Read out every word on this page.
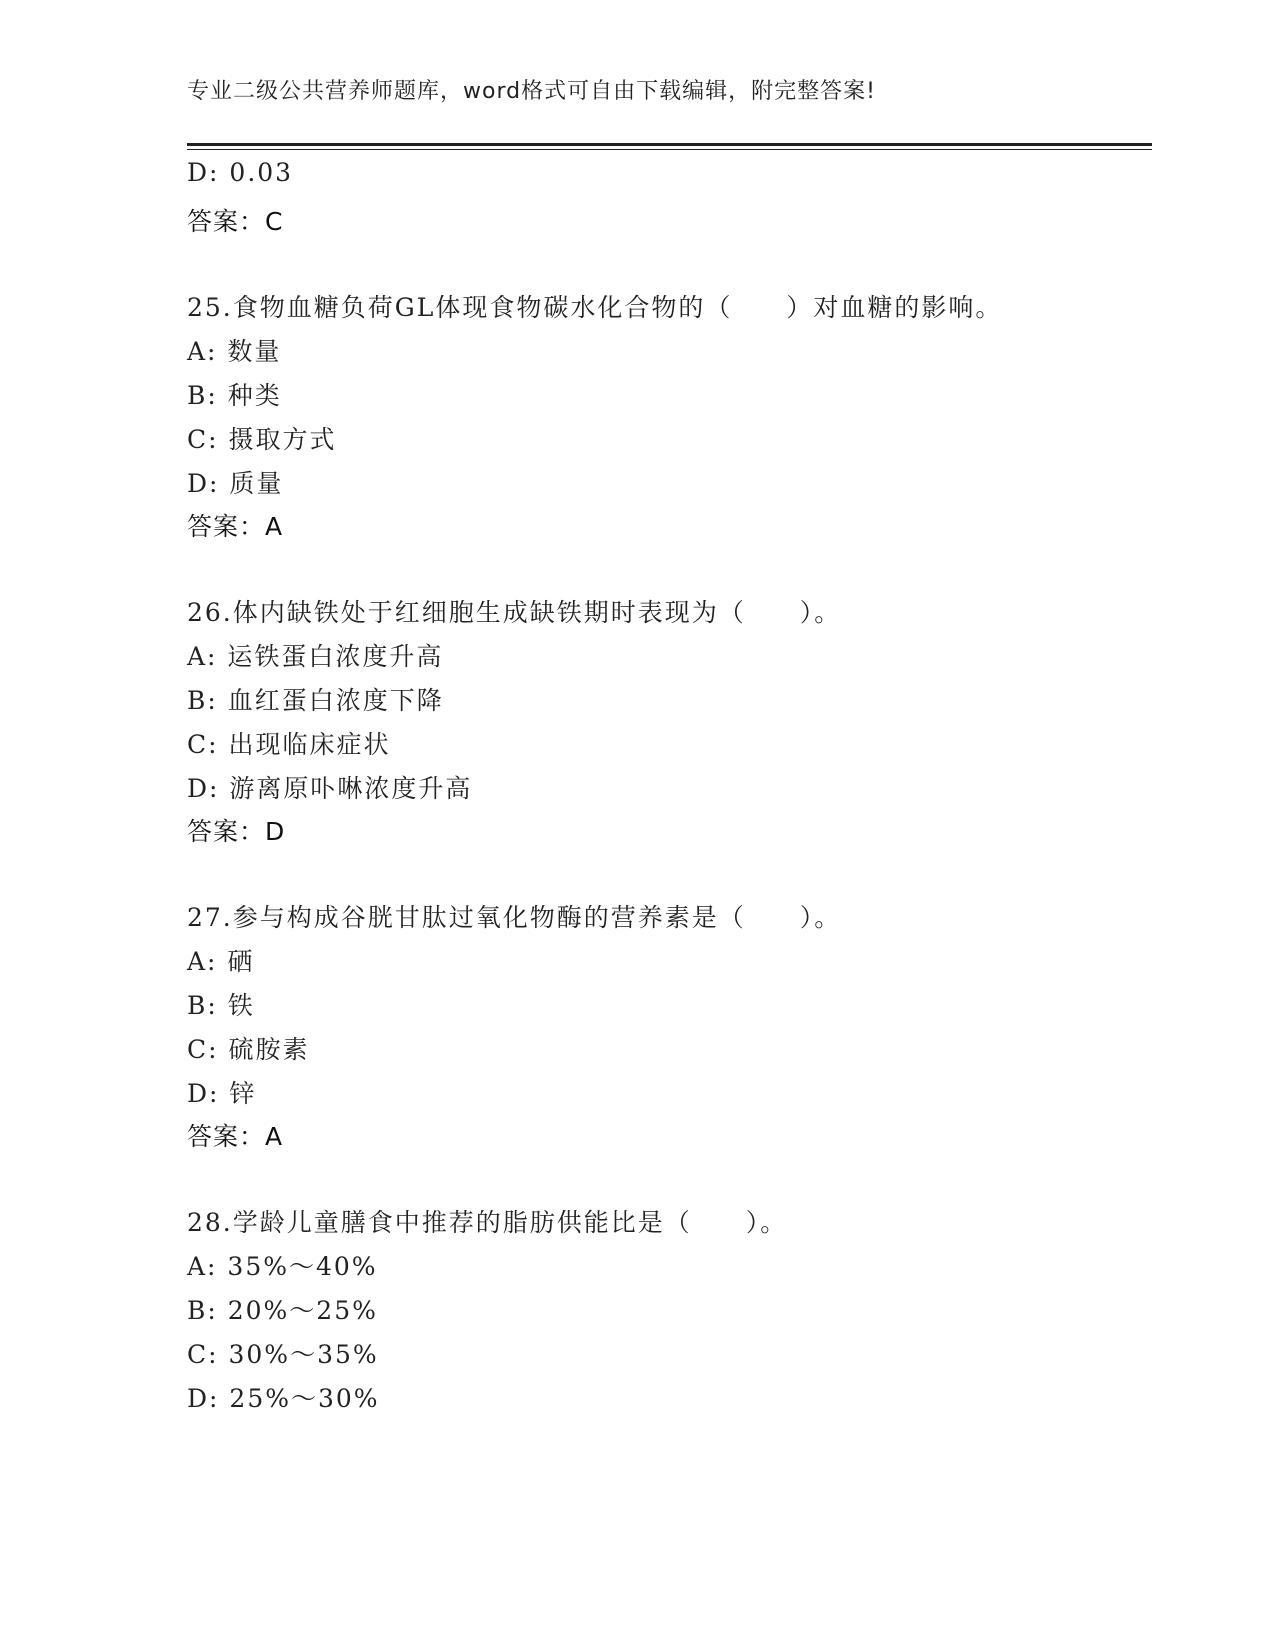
专业二级公共营养师题库，word格式可自由下载编辑，附完整答案!
D: 0.03
答案：C
25.食物血糖负荷GL体现食物碳水化合物的（　　）对血糖的影响。
A: 数量
B: 种类
C: 摄取方式
D: 质量
答案：A
26.体内缺铁处于红细胞生成缺铁期时表现为（　　）。
A: 运铁蛋白浓度升高
B: 血红蛋白浓度下降
C: 出现临床症状
D: 游离原卟啉浓度升高
答案：D
27.参与构成谷胱甘肽过氧化物酶的营养素是（　　）。
A: 硒
B: 铁
C: 硫胺素
D: 锌
答案：A
28.学龄儿童膳食中推荐的脂肪供能比是（　　）。
A: 35%～40%
B: 20%～25%
C: 30%～35%
D: 25%～30%
